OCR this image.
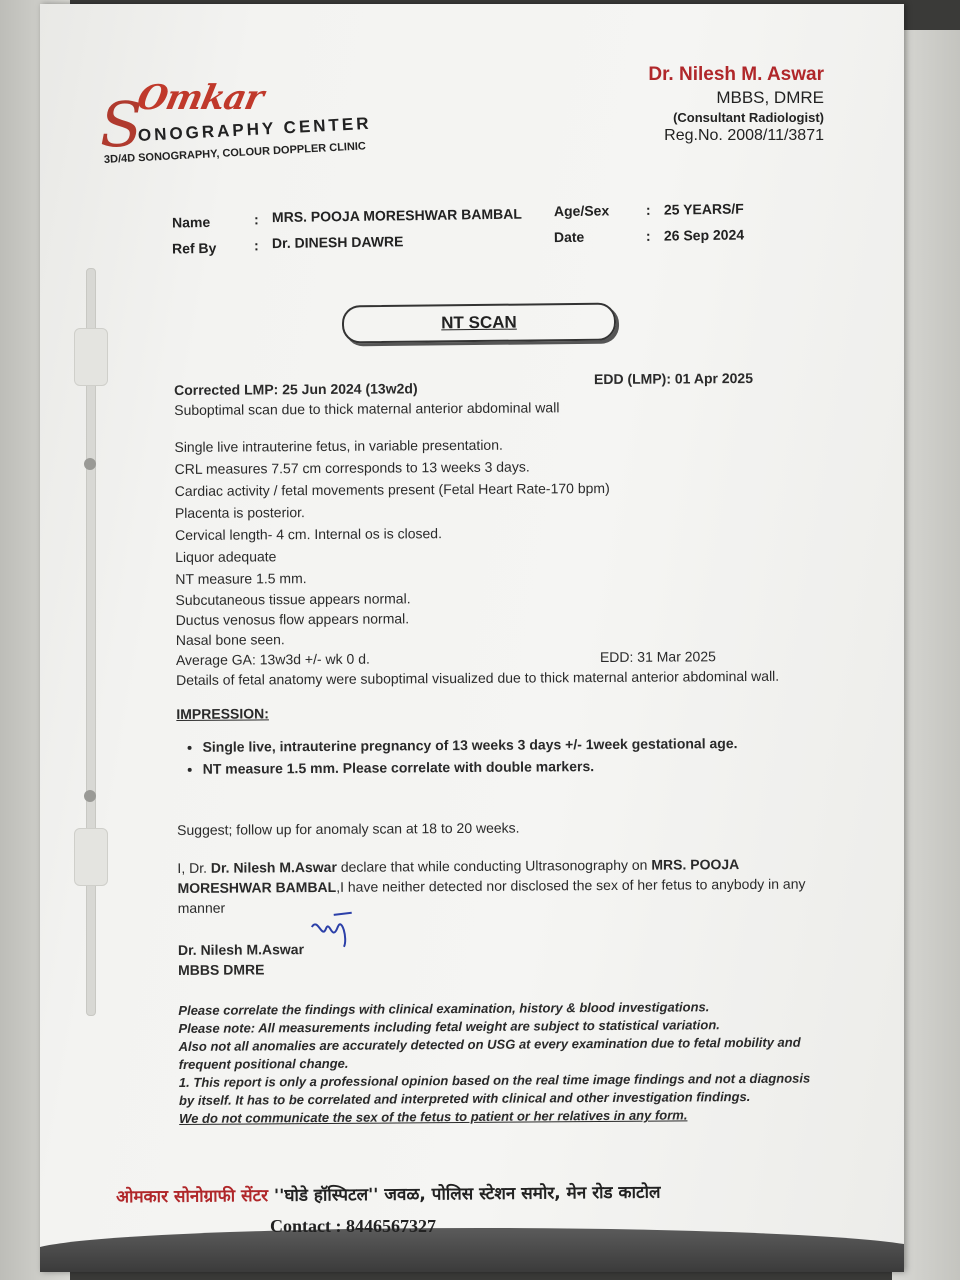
S
Omkar
ONOGRAPHY CENTER
3D/4D SONOGRAPHY, COLOUR DOPPLER CLINIC
Dr. Nilesh M. Aswar
MBBS, DMRE
(Consultant Radiologist)
Reg.No. 2008/11/3871
Name	: MRS. POOJA MORESHWAR BAMBAL Age/Sex	: 25 YEARS/F
Ref By	: Dr. DINESH DAWRE	Date	: 26 Sep 2024
NT SCAN
Corrected LMP: 25 Jun 2024 (13w2d)
EDD (LMP): 01 Apr 2025
Suboptimal scan due to thick maternal anterior abdominal wall
Single live intrauterine fetus, in variable presentation.
CRL measures 7.57 cm corresponds to 13 weeks 3 days.
Cardiac activity / fetal movements present (Fetal Heart Rate-170 bpm)
Placenta is posterior.
Cervical length- 4 cm. Internal os is closed.
Liquor adequate
NT measure 1.5 mm.
Subcutaneous tissue appears normal.
Ductus venosus flow appears normal.
Nasal bone seen.
Average GA: 13w3d +/- wk 0 d.	EDD: 31 Mar 2025
Details of fetal anatomy were suboptimal visualized due to thick maternal anterior abdominal wall.
IMPRESSION:
• Single live, intrauterine pregnancy of 13 weeks 3 days +/- 1week gestational age.
• NT measure 1.5 mm. Please correlate with double markers.
Suggest; follow up for anomaly scan at 18 to 20 weeks.
I, Dr. Dr. Nilesh M.Aswar declare that while conducting Ultrasonography on MRS. POOJA MORESHWAR BAMBAL,I have neither detected nor disclosed the sex of her fetus to anybody in any manner
Dr. Nilesh M.Aswar
MBBS DMRE
Please correlate the findings with clinical examination, history & blood investigations.
Please note: All measurements including fetal weight are subject to statistical variation.
Also not all anomalies are accurately detected on USG at every examination due to fetal mobility and frequent positional change.
1. This report is only a professional opinion based on the real time image findings and not a diagnosis by itself. It has to be correlated and interpreted with clinical and other investigation findings.
We do not communicate the sex of the fetus to patient or her relatives in any form.
ओमकार सोनोग्राफी सेंटर ''घोडे हॉस्पिटल'' जवळ, पोलिस स्टेशन समोर, मेन रोड काटोल
Contact : 8446567327
